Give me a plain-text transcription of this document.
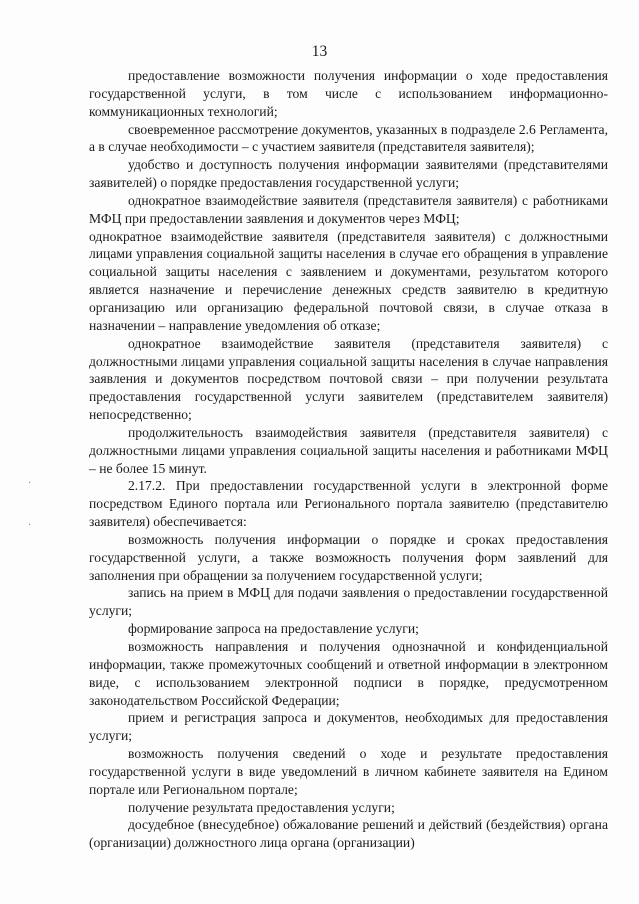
13
·
·

предоставление возможности получения информации о ходе предоставления государственной услуги, в том числе с использованием информационно-коммуникационных технологий;

своевременное рассмотрение документов, указанных в подразделе 2.6 Регламента, а в случае необходимости – с участием заявителя (представителя заявителя);

удобство и доступность получения информации заявителями (представителями заявителей) о порядке предоставления государственной услуги;

однократное взаимодействие заявителя (представителя заявителя) с работниками МФЦ при предоставлении заявления и документов через МФЦ;

однократное взаимодействие заявителя (представителя заявителя) с должностными лицами управления социальной защиты населения в случае его обращения в управление социальной защиты населения с заявлением и документами, результатом которого является назначение и перечисление денежных средств заявителю в кредитную организацию или организацию федеральной почтовой связи, в случае отказа в назначении – направление уведомления об отказе;

однократное взаимодействие заявителя (представителя заявителя) с должностными лицами управления социальной защиты населения в случае направления заявления и документов посредством почтовой связи – при получении результата предоставления государственной услуги заявителем (представителем заявителя) непосредственно;

продолжительность взаимодействия заявителя (представителя заявителя) с должностными лицами управления социальной защиты населения и работниками МФЦ – не более 15 минут.

2.17.2. При предоставлении государственной услуги в электронной форме посредством Единого портала или Регионального портала заявителю (представителю заявителя) обеспечивается:

возможность получения информации о порядке и сроках предоставления государственной услуги, а также возможность получения форм заявлений для заполнения при обращении за получением государственной услуги;

запись на прием в МФЦ для подачи заявления о предоставлении государственной услуги;

формирование запроса на предоставление услуги;

возможность направления и получения однозначной и конфиденциальной информации, также промежуточных сообщений и ответной информации в электронном виде, с использованием электронной подписи в порядке, предусмотренном законодательством Российской Федерации;

прием и регистрация запроса и документов, необходимых для предоставления услуги;

возможность получения сведений о ходе и результате предоставления государственной услуги в виде уведомлений в личном кабинете заявителя на Едином портале или Региональном портале;

получение результата предоставления услуги;

досудебное (внесудебное) обжалование решений и действий (бездействия) органа (организации) должностного лица органа (организации)
